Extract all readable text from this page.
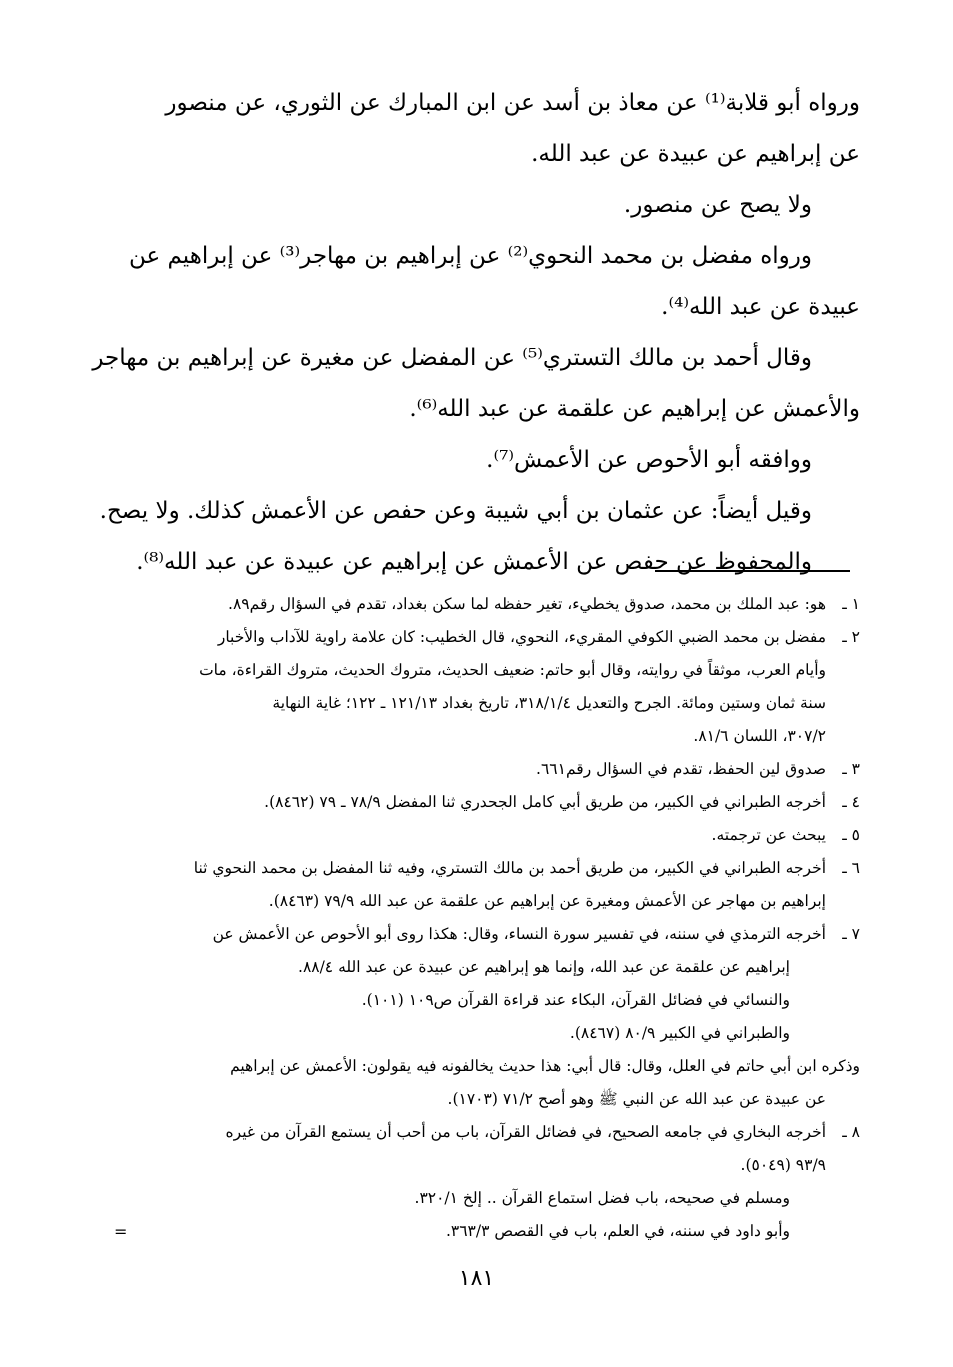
ورواه أبو قلابة⁽¹⁾ عن معاذ بن أسد عن ابن المبارك عن الثوري، عن منصور
عن إبراهيم عن عبيدة عن عبد الله.
ولا يصح عن منصور.
ورواه مفضل بن محمد النحوي⁽²⁾ عن إبراهيم بن مهاجر⁽³⁾ عن إبراهيم عن
عبيدة عن عبد الله⁽⁴⁾.
وقال أحمد بن مالك التستري⁽⁵⁾ عن المفضل عن مغيرة عن إبراهيم بن مهاجر
والأعمش عن إبراهيم عن علقمة عن عبد الله⁽⁶⁾.
ووافقه أبو الأحوص عن الأعمش⁽⁷⁾.
وقيل أيضاً: عن عثمان بن أبي شيبة وعن حفص عن الأعمش كذلك. ولا يصح.
والمحفوظ عن حفص عن الأعمش عن إبراهيم عن عبيدة عن عبد الله⁽⁸⁾.
١ ـهو: عبد الملك بن محمد، صدوق يخطيء، تغير حفظه لما سكن بغداد، تقدم في السؤال رقم٨٩.
٢ ـمفضل بن محمد الضبي الكوفي المقريء، النحوي، قال الخطيب: كان علامة راوية للآداب والأخبار
وأيام العرب، موثقاً في روايته، وقال أبو حاتم: ضعيف الحديث، متروك الحديث، متروك القراءة، مات
سنة ثمان وستين ومائة. الجرح والتعديل ٣١٨/١/٤، تاريخ بغداد ١٢١/١٣ ـ ١٢٢؛ غاية النهاية
٣٠٧/٢، اللسان ٨١/٦.
٣ ـصدوق لين الحفظ، تقدم في السؤال رقم٦٦١.
٤ ـأخرجه الطبراني في الكبير، من طريق أبي كامل الجحدري ثنا المفضل ٧٨/٩ ـ ٧٩ (٨٤٦٢).
٥ ـيبحث عن ترجمته.
٦ ـأخرجه الطبراني في الكبير، من طريق أحمد بن مالك التستري، وفيه ثنا المفضل بن محمد النحوي ثنا
إبراهيم بن مهاجر عن الأعمش ومغيرة عن إبراهيم عن علقمة عن عبد الله ٧٩/٩ (٨٤٦٣).
٧ ـأخرجه الترمذي في سننه، في تفسير سورة النساء، وقال: هكذا روى أبو الأحوص عن الأعمش عن
إبراهيم عن علقمة عن عبد الله، وإنما هو إبراهيم عن عبيدة عن عبد الله ٨٨/٤.
والنسائي في فضائل القرآن، البكاء عند قراءة القرآن ص١٠٩ (١٠١).
والطبراني في الكبير ٨٠/٩ (٨٤٦٧).
وذكره ابن أبي حاتم في العلل، وقال: قال أبي: هذا حديث يخالفونه فيه يقولون: الأعمش عن إبراهيم
عن عبيدة عن عبد الله عن النبي ﷺ وهو أصح ٧١/٢ (١٧٠٣).
٨ ـأخرجه البخاري في جامعه الصحيح، في فضائل القرآن، باب من أحب أن يستمع القرآن من غيره
٩٣/٩ (٥٠٤٩).
ومسلم في صحيحه، باب فضل استماع القرآن .. إلخ ٣٢٠/١.
وأبو داود في سننه، في العلم، باب في القصص ٣٦٣/٣.
=
١٨١
